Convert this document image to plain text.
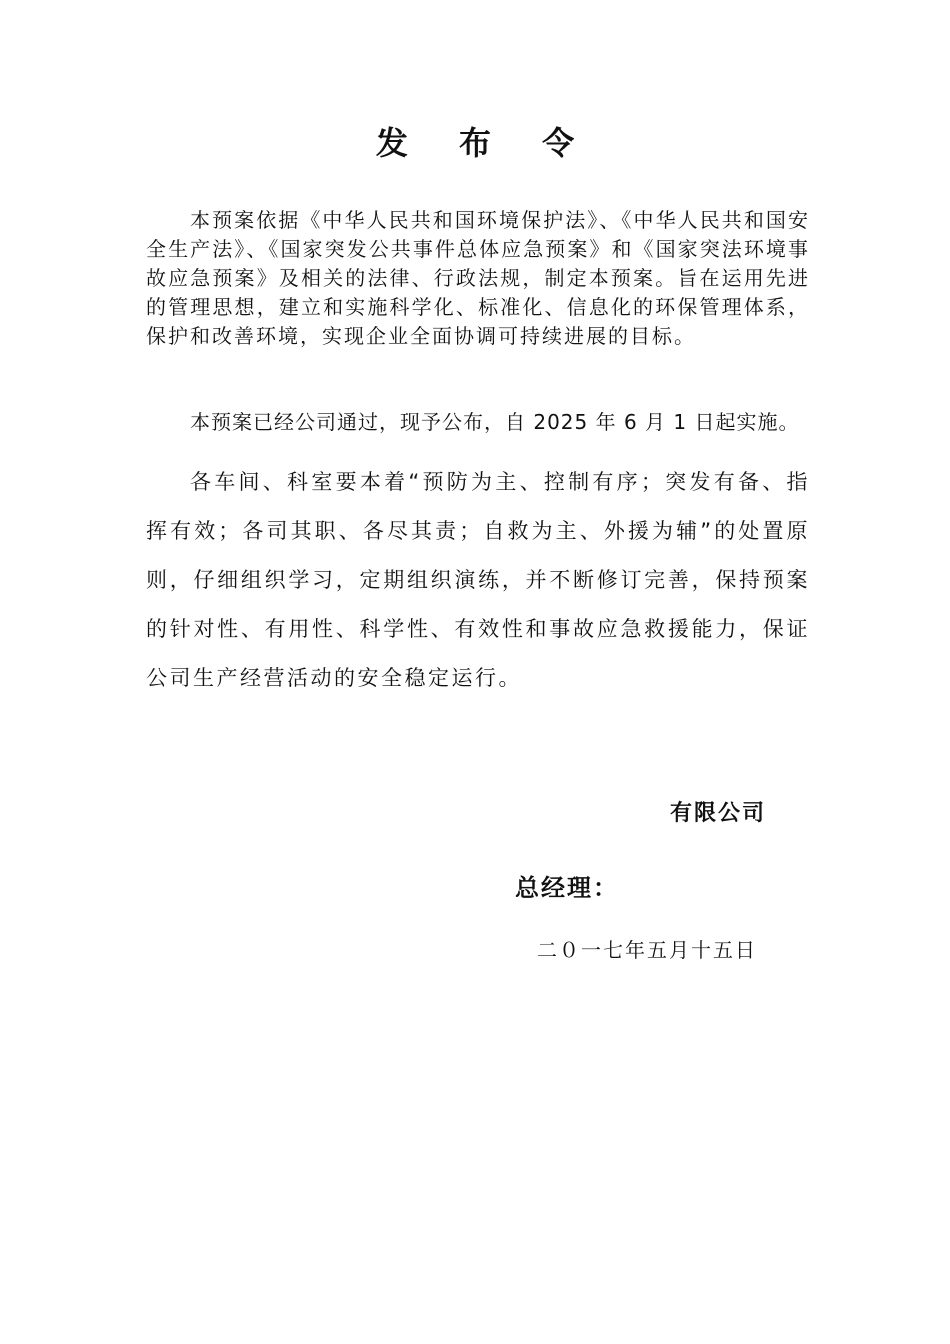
发 布 令

本预案依据《中华人民共和国环境保护法》、《中华人民共和国安全生产法》、《国家突发公共事件总体应急预案》和《国家突法环境事故应急预案》及相关的法律、行政法规，制定本预案。旨在运用先进的管理思想，建立和实施科学化、标准化、信息化的环保管理体系，保护和改善环境，实现企业全面协调可持续进展的目标。

本预案已经公司通过，现予公布，自 2025 年 6 月 1 日起实施。

各车间、科室要本着“预防为主、控制有序；突发有备、指挥有效；各司其职、各尽其责；自救为主、外援为辅”的处置原则，仔细组织学习，定期组织演练，并不断修订完善，保持预案的针对性、有用性、科学性、有效性和事故应急救援能力，保证公司生产经营活动的安全稳定运行。

有限公司
总经理：
二０一七年五月十五日
